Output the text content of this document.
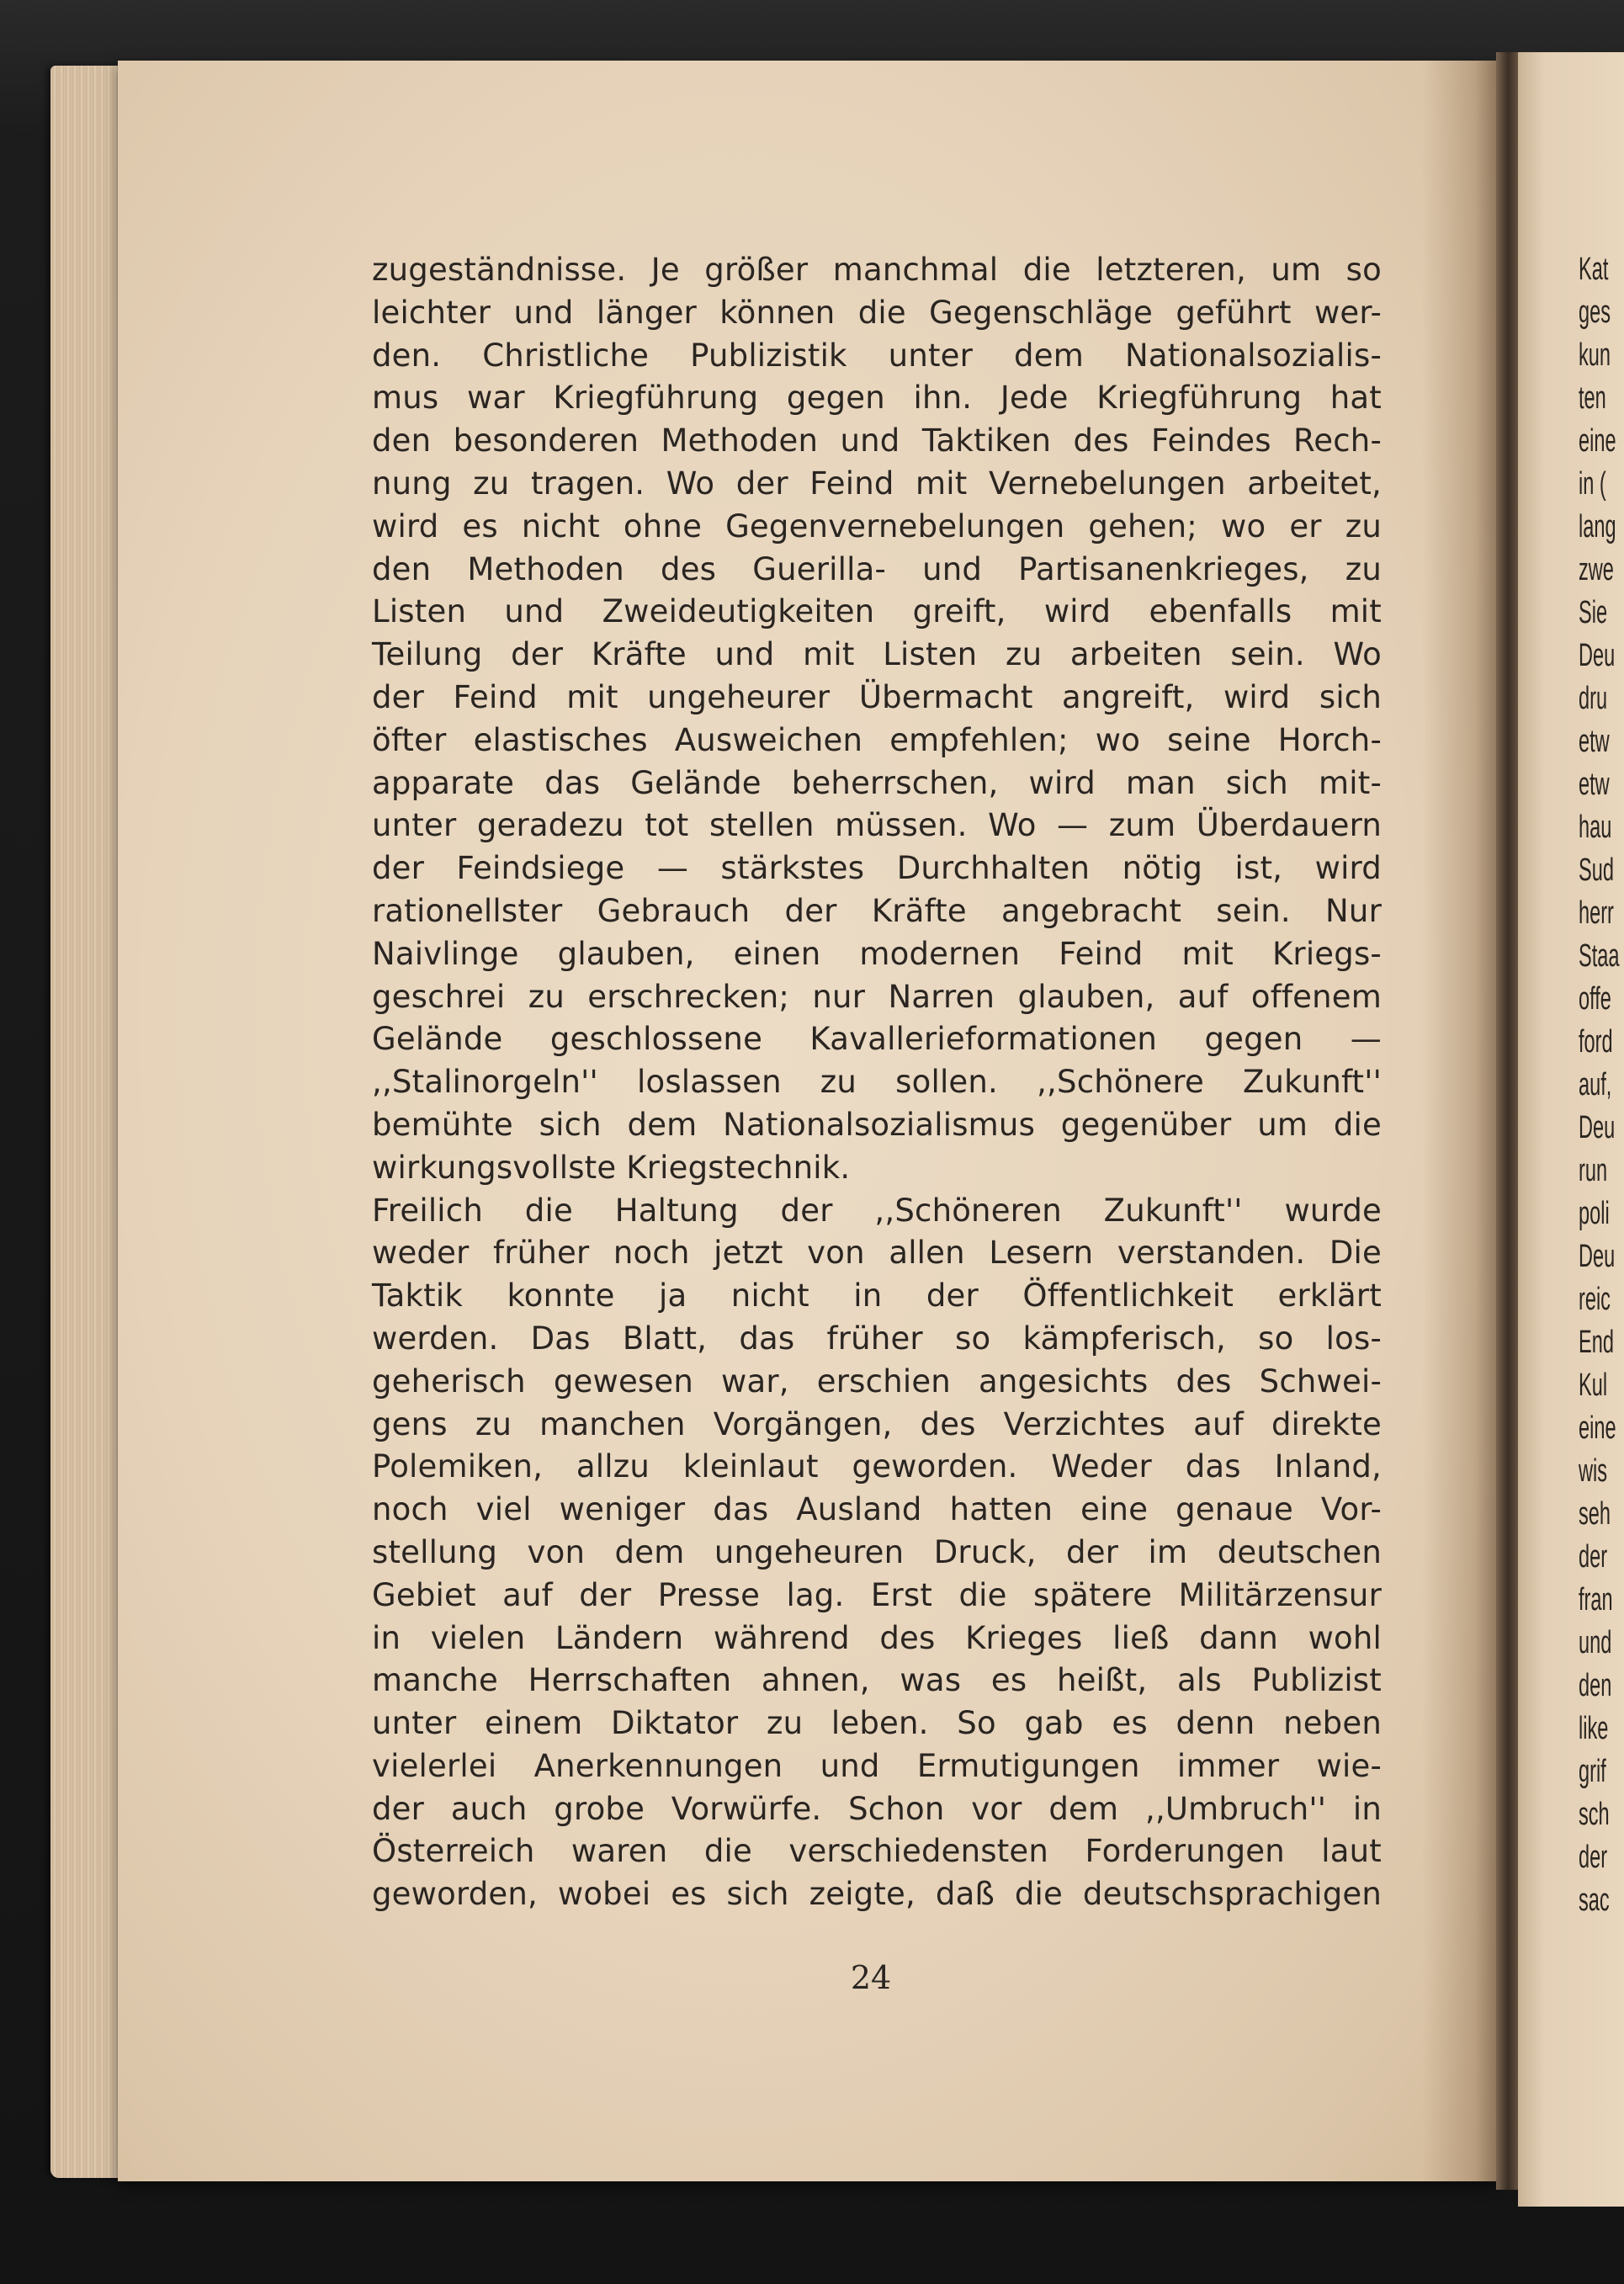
zugeständnisse. Je größer manchmal die letzteren, um so
leichter und länger können die Gegenschläge geführt wer-
den. Christliche Publizistik unter dem Nationalsozialis-
mus war Kriegführung gegen ihn. Jede Kriegführung hat
den besonderen Methoden und Taktiken des Feindes Rech-
nung zu tragen. Wo der Feind mit Vernebelungen arbeitet,
wird es nicht ohne Gegenvernebelungen gehen; wo er zu
den Methoden des Guerilla- und Partisanenkrieges, zu
Listen und Zweideutigkeiten greift, wird ebenfalls mit
Teilung der Kräfte und mit Listen zu arbeiten sein. Wo
der Feind mit ungeheurer Übermacht angreift, wird sich
öfter elastisches Ausweichen empfehlen; wo seine Horch-
apparate das Gelände beherrschen, wird man sich mit-
unter geradezu tot stellen müssen. Wo — zum Überdauern
der Feindsiege — stärkstes Durchhalten nötig ist, wird
rationellster Gebrauch der Kräfte angebracht sein. Nur
Naivlinge glauben, einen modernen Feind mit Kriegs-
geschrei zu erschrecken; nur Narren glauben, auf offenem
Gelände geschlossene Kavallerieformationen gegen —
,,Stalinorgeln'' loslassen zu sollen. ,,Schönere Zukunft''
bemühte sich dem Nationalsozialismus gegenüber um die
wirkungsvollste Kriegstechnik.
Freilich die Haltung der ,,Schöneren Zukunft'' wurde
weder früher noch jetzt von allen Lesern verstanden. Die
Taktik konnte ja nicht in der Öffentlichkeit erklärt
werden. Das Blatt, das früher so kämpferisch, so los-
geherisch gewesen war, erschien angesichts des Schwei-
gens zu manchen Vorgängen, des Verzichtes auf direkte
Polemiken, allzu kleinlaut geworden. Weder das Inland,
noch viel weniger das Ausland hatten eine genaue Vor-
stellung von dem ungeheuren Druck, der im deutschen
Gebiet auf der Presse lag. Erst die spätere Militärzensur
in vielen Ländern während des Krieges ließ dann wohl
manche Herrschaften ahnen, was es heißt, als Publizist
unter einem Diktator zu leben. So gab es denn neben
vielerlei Anerkennungen und Ermutigungen immer wie-
der auch grobe Vorwürfe. Schon vor dem ,,Umbruch'' in
Österreich waren die verschiedensten Forderungen laut
geworden, wobei es sich zeigte, daß die deutschsprachigen
24
Kat
ges
kun
ten
eine
in (
lang
zwe
Sie
Deu
dru
etw
etw
hau
Sud
herr
Staa
offe
ford
auf,
Deu
run
poli
Deu
reic
End
Kul
eine
wis
seh
der
fran
und
den
like
grif
sch
der
sac
